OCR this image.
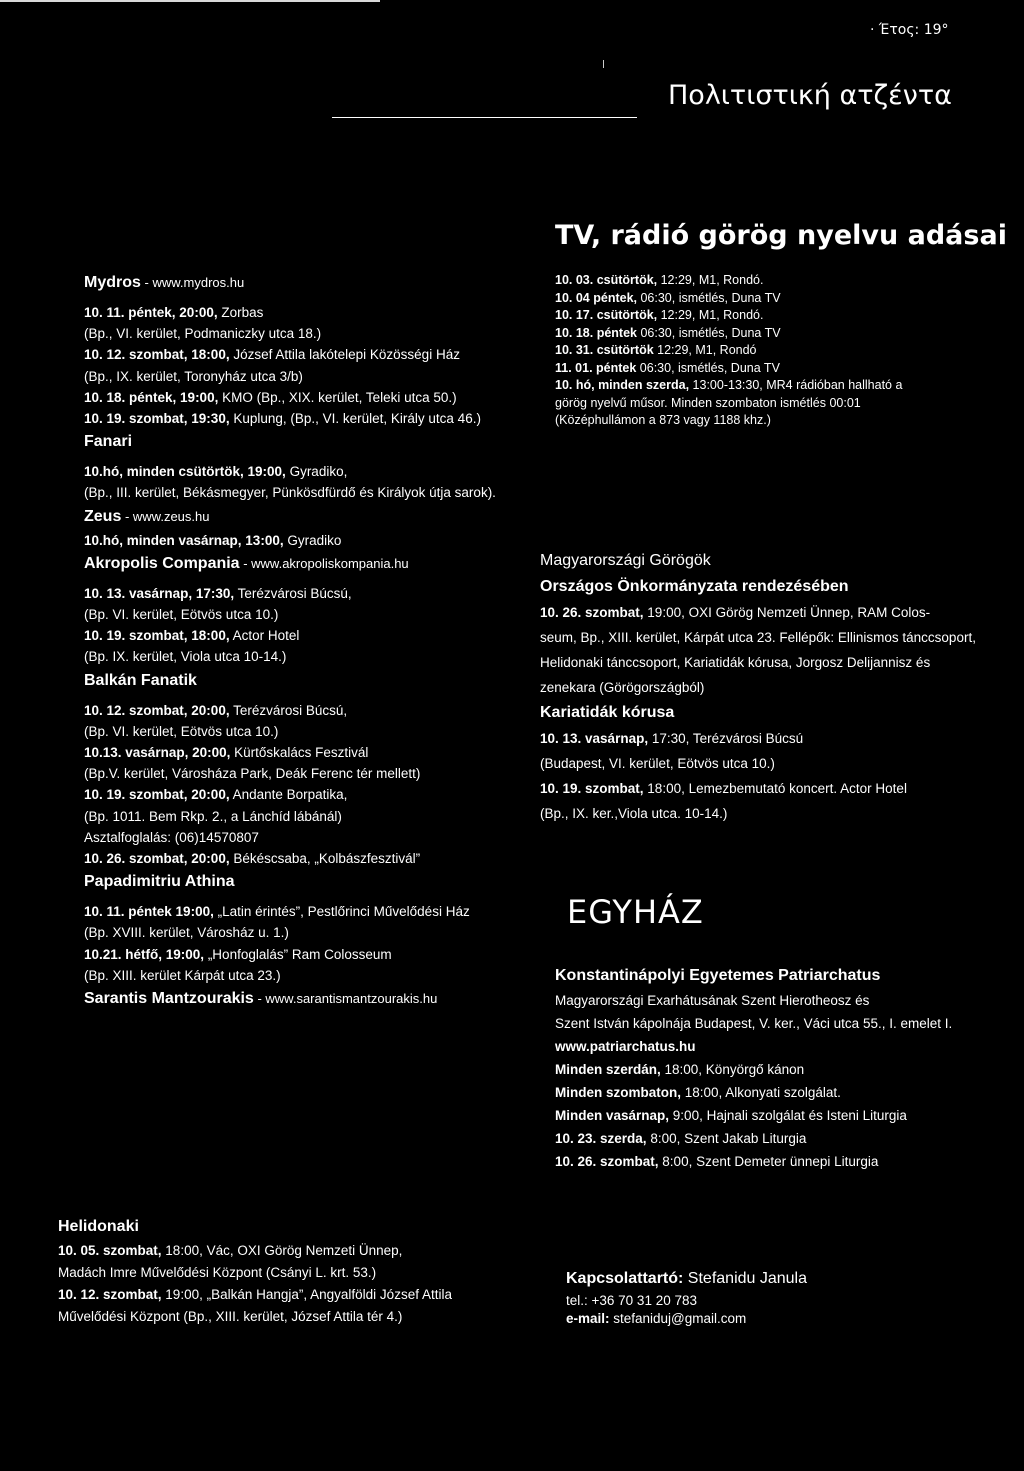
· Έτος: 19°
Πολιτιστική ατζέντα
Mydros - www.mydros.hu
10. 11. péntek, 20:00, Zorbas
(Bp., VI. kerület, Podmaniczky utca 18.)
10. 12. szombat, 18:00, József Attila lakótelepi Közösségi Ház
(Bp., IX. kerület, Toronyház utca 3/b)
10. 18. péntek, 19:00, KMO (Bp., XIX. kerület, Teleki utca 50.)
10. 19. szombat, 19:30, Kuplung, (Bp., VI. kerület, Király utca 46.)
Fanari
10.hó, minden csütörtök, 19:00, Gyradiko,
(Bp., III. kerület, Békásmegyer, Pünkösdfürdő és Királyok útja sarok).
Zeus - www.zeus.hu
10.hó, minden vasárnap, 13:00, Gyradiko
Akropolis Compania - www.akropoliskompania.hu
10. 13. vasárnap, 17:30, Terézvárosi Búcsú,
(Bp. VI. kerület, Eötvös utca 10.)
10. 19. szombat, 18:00, Actor Hotel
(Bp. IX. kerület, Viola utca 10-14.)
Balkán Fanatik
10. 12. szombat, 20:00, Terézvárosi Búcsú,
(Bp. VI. kerület, Eötvös utca 10.)
10.13. vasárnap, 20:00, Kürtőskalács Fesztivál
(Bp.V. kerület, Városháza Park, Deák Ferenc tér mellett)
10. 19. szombat, 20:00, Andante Borpatika,
(Bp. 1011. Bem Rkp. 2., a Lánchíd lábánál)
Asztalfoglalás: (06)14570807
10. 26. szombat, 20:00, Békéscsaba, „Kolbászfesztivál”
Papadimitriu Athina
10. 11. péntek 19:00, „Latin érintés”, Pestlőrinci Művelődési Ház
(Bp. XVIII. kerület, Városház u. 1.)
10.21. hétfő, 19:00, „Honfoglalás” Ram Colosseum
(Bp. XIII. kerület Kárpát utca 23.)
Sarantis Mantzourakis - www.sarantismantzourakis.hu
TV, rádió görög nyelvu adásai
10. 03. csütörtök, 12:29, M1, Rondó.
10. 04 péntek, 06:30, ismétlés, Duna TV
10. 17. csütörtök, 12:29, M1, Rondó.
10. 18. péntek 06:30, ismétlés, Duna TV
10. 31. csütörtök 12:29, M1, Rondó
11. 01. péntek 06:30, ismétlés, Duna TV
10. hó, minden szerda, 13:00-13:30, MR4 rádióban hallható a
görög nyelvű műsor. Minden szombaton ismétlés 00:01
(Középhullámon a 873 vagy 1188 khz.)
Magyarországi Görögök
Országos Önkormányzata rendezésében
10. 26. szombat, 19:00, OXI Görög Nemzeti Ünnep, RAM Colos-
seum, Bp., XIII. kerület, Kárpát utca 23. Fellépők: Ellinismos tánccsoport,
Helidonaki tánccsoport, Kariatidák kórusa, Jorgosz Delijannisz és
zenekara (Görögországból)
Kariatidák kórusa
10. 13. vasárnap, 17:30, Terézvárosi Búcsú
(Budapest, VI. kerület, Eötvös utca 10.)
10. 19. szombat, 18:00, Lemezbemutató koncert. Actor Hotel
(Bp., IX. ker.,Viola utca. 10-14.)
EGYHÁZ
Konstantinápolyi Egyetemes Patriarchatus
Magyarországi Exarhátusának Szent Hierotheosz és
Szent István kápolnája Budapest, V. ker., Váci utca 55., I. emelet I.
www.patriarchatus.hu
Minden szerdán, 18:00, Könyörgő kánon
Minden szombaton, 18:00, Alkonyati szolgálat.
Minden vasárnap, 9:00, Hajnali szolgálat és Isteni Liturgia
10. 23. szerda, 8:00, Szent Jakab Liturgia
10. 26. szombat, 8:00, Szent Demeter ünnepi Liturgia
Helidonaki
10. 05. szombat, 18:00, Vác, OXI Görög Nemzeti Ünnep,
Madách Imre Művelődési Központ (Csányi L. krt. 53.)
10. 12. szombat, 19:00, „Balkán Hangja”, Angyalföldi József Attila
Művelődési Központ (Bp., XIII. kerület, József Attila tér 4.)
Kapcsolattartó: Stefanidu Janula
tel.: +36 70 31 20 783
e-mail: stefaniduj@gmail.com
